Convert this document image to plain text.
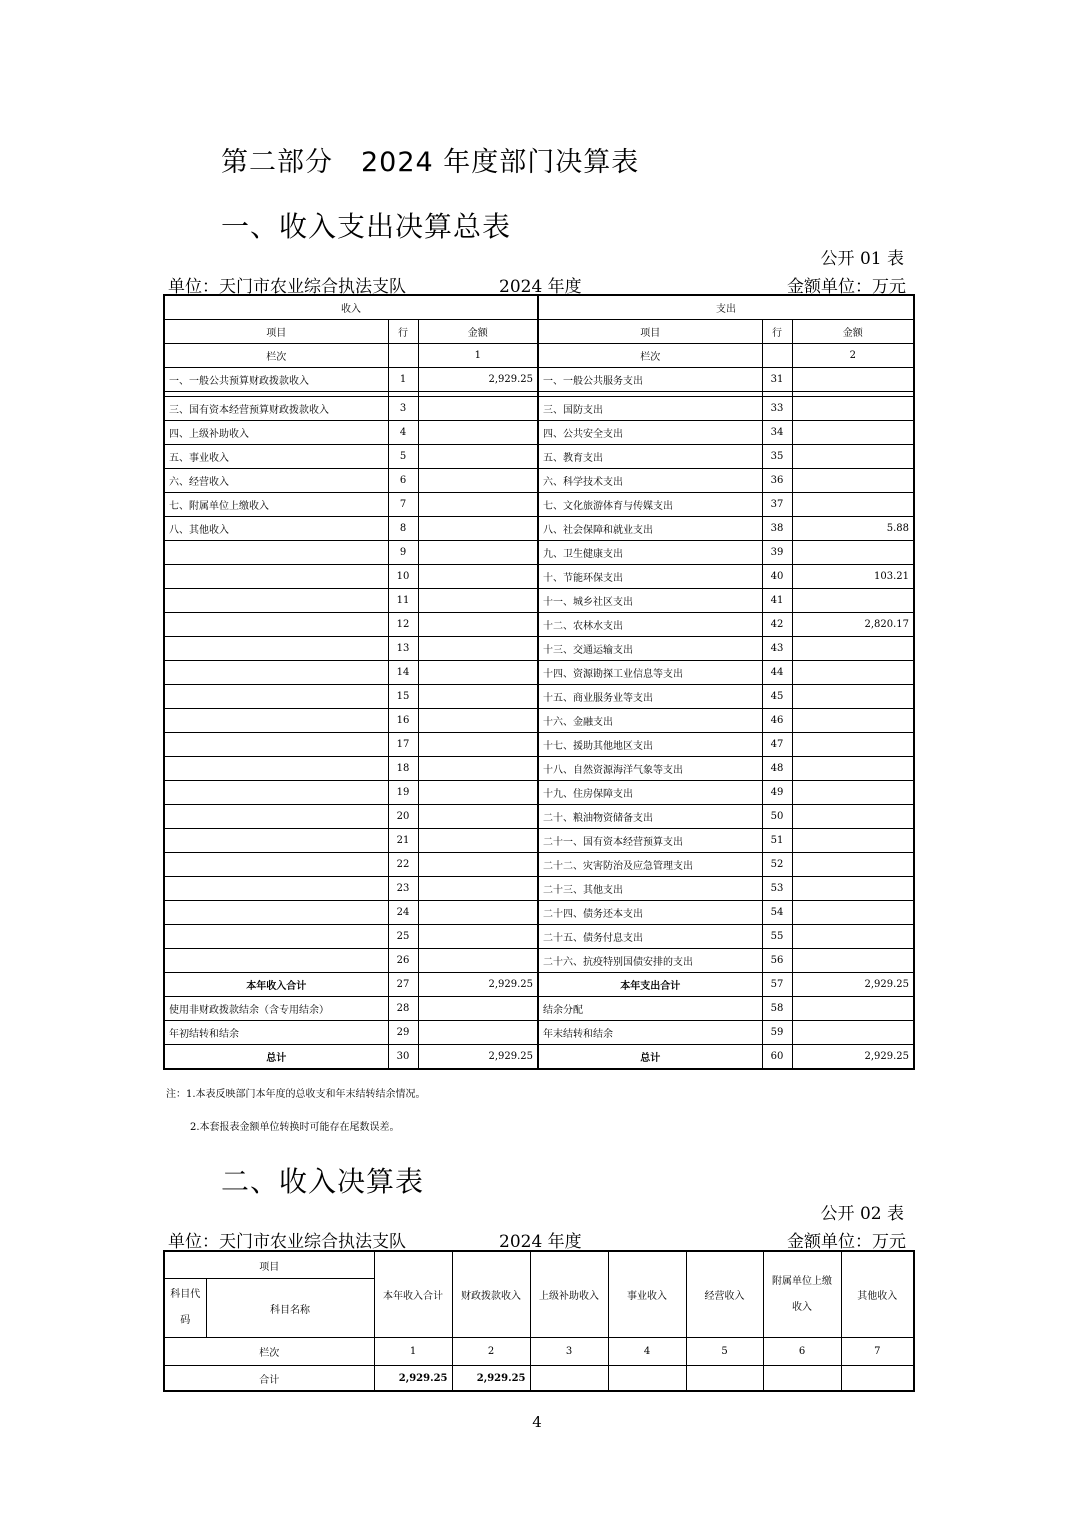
第二部分　2024 年度部门决算表
一、收入支出决算总表
公开 01 表
单位：天门市农业综合执法支队	2024 年度	金额单位：万元
收入			支出		
项目	行	金额	项目	行	金额
栏次		1	栏次		2
一、一般公共预算财政拨款收入	1	2,929.25	一、一般公共服务支出	31	

三、国有资本经营预算财政拨款收入	3		三、国防支出	33	
四、上级补助收入	4		四、公共安全支出	34	
五、事业收入	5		五、教育支出	35	
六、经营收入	6		六、科学技术支出	36	
七、附属单位上缴收入	7		七、文化旅游体育与传媒支出	37	
八、其他收入	8		八、社会保障和就业支出	38	5.88
	9		九、卫生健康支出	39	
	10		十、节能环保支出	40	103.21
	11		十一、城乡社区支出	41	
	12		十二、农林水支出	42	2,820.17
	13		十三、交通运输支出	43	
	14		十四、资源勘探工业信息等支出	44	
	15		十五、商业服务业等支出	45	
	16		十六、金融支出	46	
	17		十七、援助其他地区支出	47	
	18		十八、自然资源海洋气象等支出	48	
	19		十九、住房保障支出	49	
	20		二十、粮油物资储备支出	50	
	21		二十一、国有资本经营预算支出	51	
	22		二十二、灾害防治及应急管理支出	52	
	23		二十三、其他支出	53	
	24		二十四、债务还本支出	54	
	25		二十五、债务付息支出	55	
	26		二十六、抗疫特别国债安排的支出	56	
本年收入合计	27	2,929.25	本年支出合计	57	2,929.25
使用非财政拨款结余（含专用结余）	28		结余分配	58	
年初结转和结余	29		年末结转和结余	59	
总计	30	2,929.25	总计	60	2,929.25
注：1.本表反映部门本年度的总收支和年末结转结余情况。
2.本套报表金额单位转换时可能存在尾数误差。
二、收入决算表
公开 02 表
单位：天门市农业综合执法支队	2024 年度	金额单位：万元
项目		本年收入合计	财政拨款收入	上级补助收入	事业收入	经营收入	附属单位上缴收入	其他收入
科目代码	科目名称							
栏次		1	2	3	4	5	6	7
合计		2,929.25	2,929.25					
4
